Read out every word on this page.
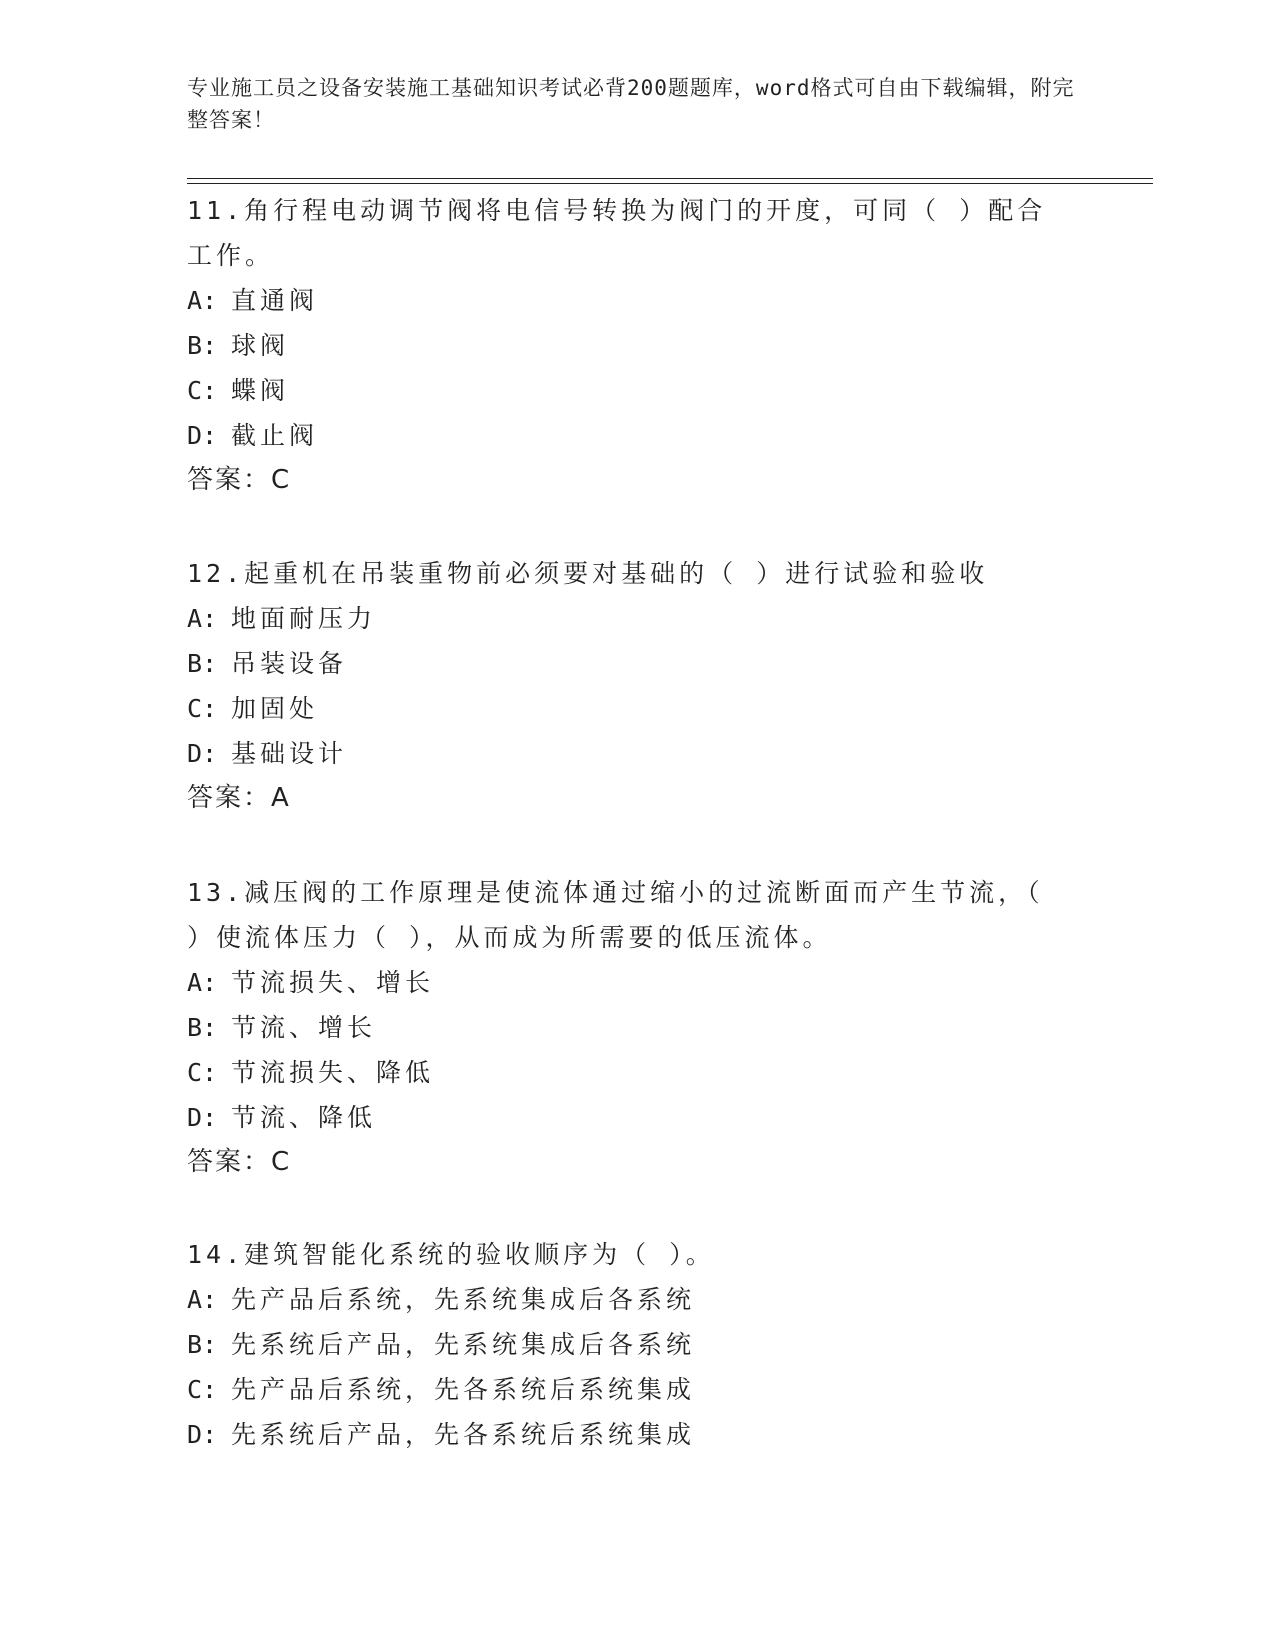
专业施工员之设备安装施工基础知识考试必背200题题库，word格式可自由下载编辑，附完整答案！

11.角行程电动调节阀将电信号转换为阀门的开度，可同（ ）配合工作。

A: 直通阀

B: 球阀

C: 蝶阀

D: 截止阀

答案：C

12.起重机在吊装重物前必须要对基础的（ ）进行试验和验收

A: 地面耐压力

B: 吊装设备

C: 加固处

D: 基础设计

答案：A

13.减压阀的工作原理是使流体通过缩小的过流断面而产生节流，（ ）使流体压力（ ），从而成为所需要的低压流体。

A: 节流损失、增长

B: 节流、增长

C: 节流损失、降低

D: 节流、降低

答案：C

14.建筑智能化系统的验收顺序为（ ）。

A: 先产品后系统，先系统集成后各系统

B: 先系统后产品，先系统集成后各系统

C: 先产品后系统，先各系统后系统集成

D: 先系统后产品，先各系统后系统集成
